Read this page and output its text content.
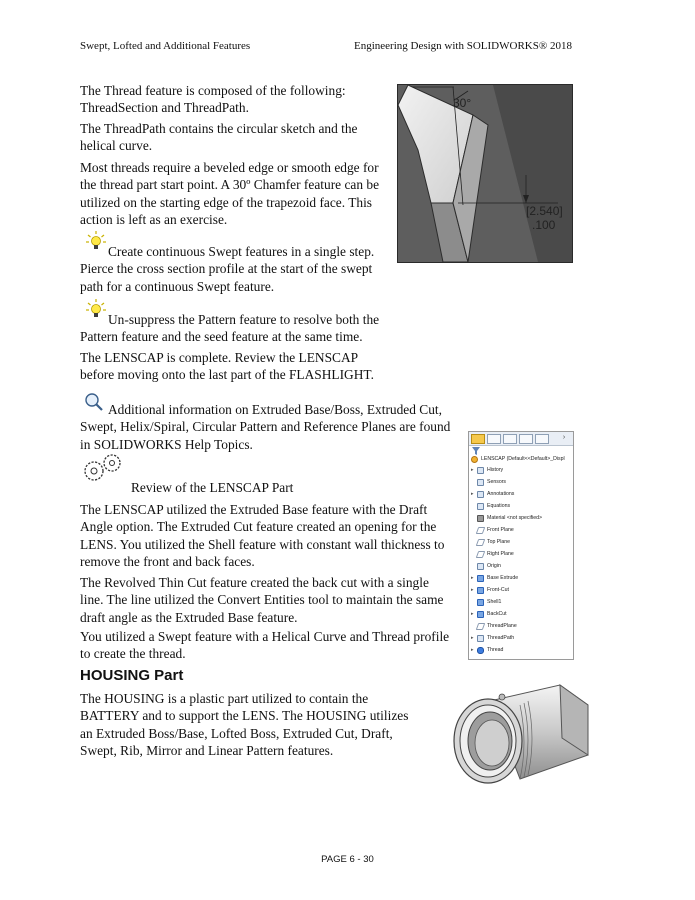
Swept, Lofted and Additional Features	Engineering Design with SOLIDWORKS® 2018

The Thread feature is composed of the following:
ThreadSection and ThreadPath.

The ThreadPath contains the circular sketch and the
helical curve.

Most threads require a beveled edge or smooth edge for
the thread part start point. A 30º Chamfer feature can be
utilized on the starting edge of the trapezoid face. This
action is left as an exercise.

30°
[2.540]
.100

Create continuous Swept features in a single step.
Pierce the cross section profile at the start of the swept
path for a continuous Swept feature.

Un-suppress the Pattern feature to resolve both the
Pattern feature and the seed feature at the same time.

The LENSCAP is complete. Review the LENSCAP
before moving onto the last part of the FLASHLIGHT.

Additional information on Extruded Base/Boss, Extruded Cut,
Swept, Helix/Spiral, Circular Pattern and Reference Planes are found
in SOLIDWORKS Help Topics.

Review of the LENSCAP Part

The LENSCAP utilized the Extruded Base feature with the Draft
Angle option. The Extruded Cut feature created an opening for the
LENS. You utilized the Shell feature with constant wall thickness to
remove the front and back faces.

The Revolved Thin Cut feature created the back cut with a single
line. The line utilized the Convert Entities tool to maintain the same
draft angle as the Extruded Base feature.

You utilized a Swept feature with a Helical Curve and Thread profile
to create the thread.

›
LENSCAP (Default<<Default>_Displ
▸	History
Sensors
▸	Annotations
Equations
Material <not specified>
Front Plane
Top Plane
Right Plane
Origin
▸	Base Extrude
▸	Front-Cut
Shell1
▸	BackCut
ThreadPlane
▸	ThreadPath
▸	Thread
HOUSING Part

The HOUSING is a plastic part utilized to contain the
BATTERY and to support the LENS. The HOUSING utilizes
an Extruded Boss/Base, Lofted Boss, Extruded Cut, Draft,
Swept, Rib, Mirror and Linear Pattern features.

PAGE 6 - 30
